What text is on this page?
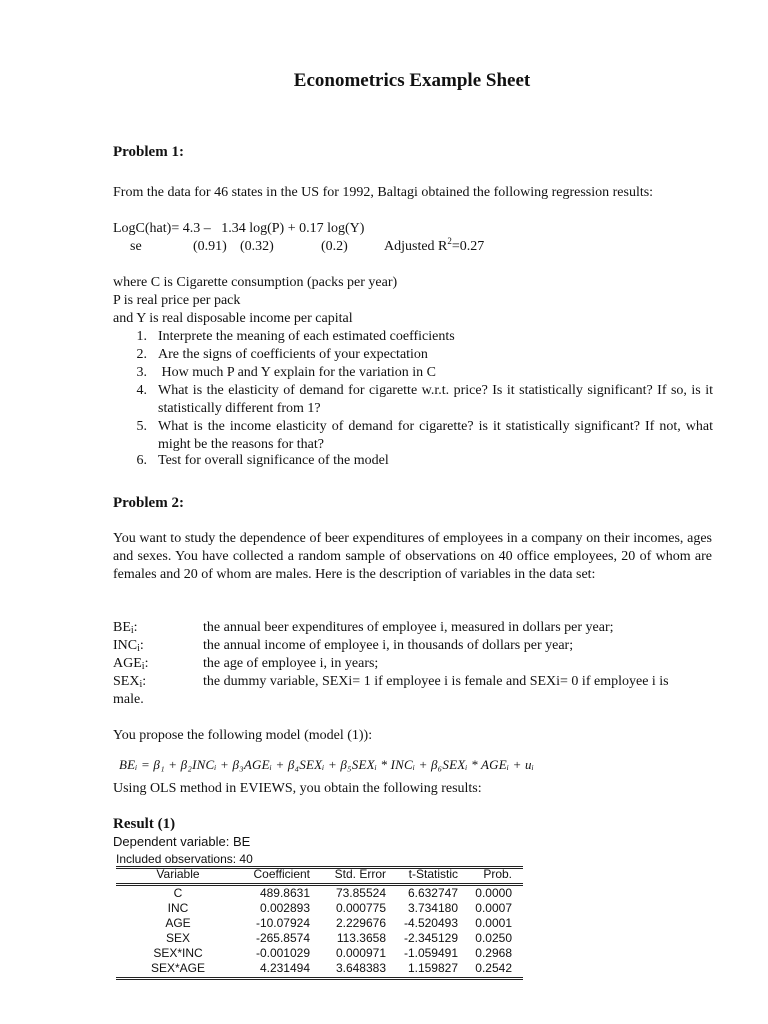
Econometrics Example Sheet
Problem 1:
From the data for 46 states in the US for 1992, Baltagi obtained the following regression results:
LogC(hat)= 4.3 –   1.34 log(P) + 0.17 log(Y)
se	(0.91) (0.32)	(0.2)	Adjusted $R^2=0.27$
where C is Cigarette consumption (packs per year)
P is real price per pack
and Y is real disposable income per capital
1. Interprete the meaning of each estimated coefficients
2. Are the signs of coefficients of your expectation
3. How much P and Y explain for the variation in C
4. What is the elasticity of demand for cigarette w.r.t. price? Is it statistically significant? If so, is it statistically different from 1?
5. What is the income elasticity of demand for cigarette? is it statistically significant? If not, what might be the reasons for that?
6. Test for overall significance of the model
Problem 2:
You want to study the dependence of beer expenditures of employees in a company on their incomes, ages and sexes. You have collected a random sample of observations on 40 office employees, 20 of whom are females and 20 of whom are males. Here is the description of variables in the data set:
$BE_i$:	the annual beer expenditures of employee i, measured in dollars per year;
$INC_i$:	the annual income of employee i, in thousands of dollars per year;
$AGE_i$:	the age of employee i, in years;
$SEX_i$:	the dummy variable, SEXi= 1 if employee i is female and SEXi= 0 if employee i is
male.
You propose the following model (model (1)):
BEᵢ = β₁ + β₂INCᵢ + β₃AGEᵢ + β₄SEXᵢ + β₅SEXᵢ * INCᵢ + β₆SEXᵢ * AGEᵢ + uᵢ
Using OLS method in EVIEWS, you obtain the following results:
Result (1)
Dependent variable: BE
Included observations: 40
Variable	Coefficient	Std. Error	t-Statistic	Prob.
C	489.8631	73.85524	6.632747	0.0000
INC	0.002893	0.000775	3.734180	0.0007
AGE	-10.07924	2.229676	-4.520493	0.0001
SEX	-265.8574	113.3658	-2.345129	0.0250
SEX*INC	-0.001029	0.000971	-1.059491	0.2968
SEX*AGE	4.231494	3.648383	1.159827	0.2542
